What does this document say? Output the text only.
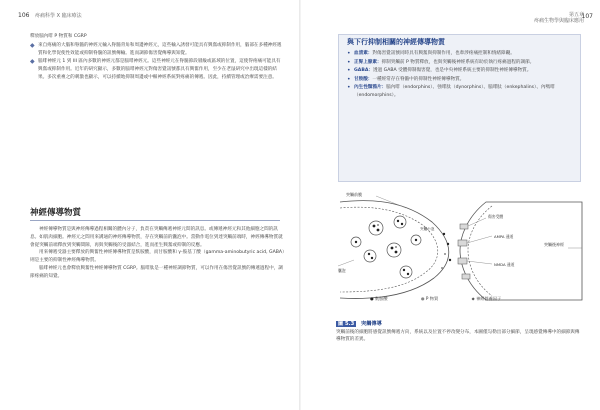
106 疼痛科學 X 臨床療法

釋放腦內啡 P 物質和 CGRP

◆ 來自疼痛的大腦和脊髓的神經元輸入脊髓背角和周邊神經元，這些輸入誘發可能具有興奮或抑制作用，腦部在多種神經遞質和化學促使性效能或抑制脊髓的訊號傳輸。進而調節傷害覺傳導與知覺。

◆ 腦啡神經元 1 到 III 區內多數的神經元都是腦啡神經元。這些神經元在脊髓節段層級或區域的位置，這使得疼痛可能具有興奮或抑制作用。近年的研究顯示，多數的腦啡神經元對傷害覺訊號都具有興奮作用，至少在老鼠研究中出現這樣的結果。多次重複之的刺激也顯示，可以持續地抑制周邊或中樞神經系統對疼痛的傳遞。因此，持續管理或治療需要注意。

神經傳導物質

神經傳導物質是與神經傳導過程相關的體內分子，負責在突觸傳遞神經元間的訊息。或傳遞神經元和其他細胞之間的訊息。如肌肉細胞。神經元之間用來溝通的神經傳導物質，存在突觸前的囊泡中。當動作電位到達突觸前端時，神經傳導物質就會從突觸前端釋放到突觸間隙，再與突觸後的受器結合，進而產生興奮或抑制的反應。

用來傳遞受器主要釋放的興奮性神經傳導物質是麩胺酸，而甘胺酸和 γ-胺基丁酸（gamma-aminobutyric acid, GABA）則是主要的抑制性神經傳導物質。

腦啡神經元也會釋放興奮性神經傳導物質 CGRP。腦啡肽是一種神經調節物質，可以作用在傷害覺訊號的傳遞過程中，調節疼痛的知覺。

第五章
疼痛生物學與臨床應用
107
與下行抑制相關的神經傳導物質
• 血清素：對傷害覺訊號同時具有興奮與抑制作用，也牽涉疼痛控制和情緒障礙。
• 正腎上腺素：抑制突觸前 P 物質釋放，也與突觸後神經系統有助於執行疼痛過程的調節。
• GABA：透過 GABA 受體抑制傷害覺，也是中央神經系統主要的抑制性神經傳導物質。
• 甘胺酸：一種經常存在脊髓中的抑制性神經傳導物質。
• 內生性類鴉片：腦內啡（endorphins）、強啡肽（dynorphins）、腦啡肽（enkephalins）、內嗎啡（endomorphins）。
突觸前膜
傷害受體
AMPA 通道
NMDA 通道
突觸後神經
囊泡
突觸小泡
● 麩胺酸	● P 物質	◆ 神經營養因子
圖 5.3 突觸傳導
突觸前後的細胞將感覺訊號傳遞方向，系統以及位置不停改變分布，本圖僅勾勒出部分細節，呈現感覺傳導中的細節與傳導物質的差異。
